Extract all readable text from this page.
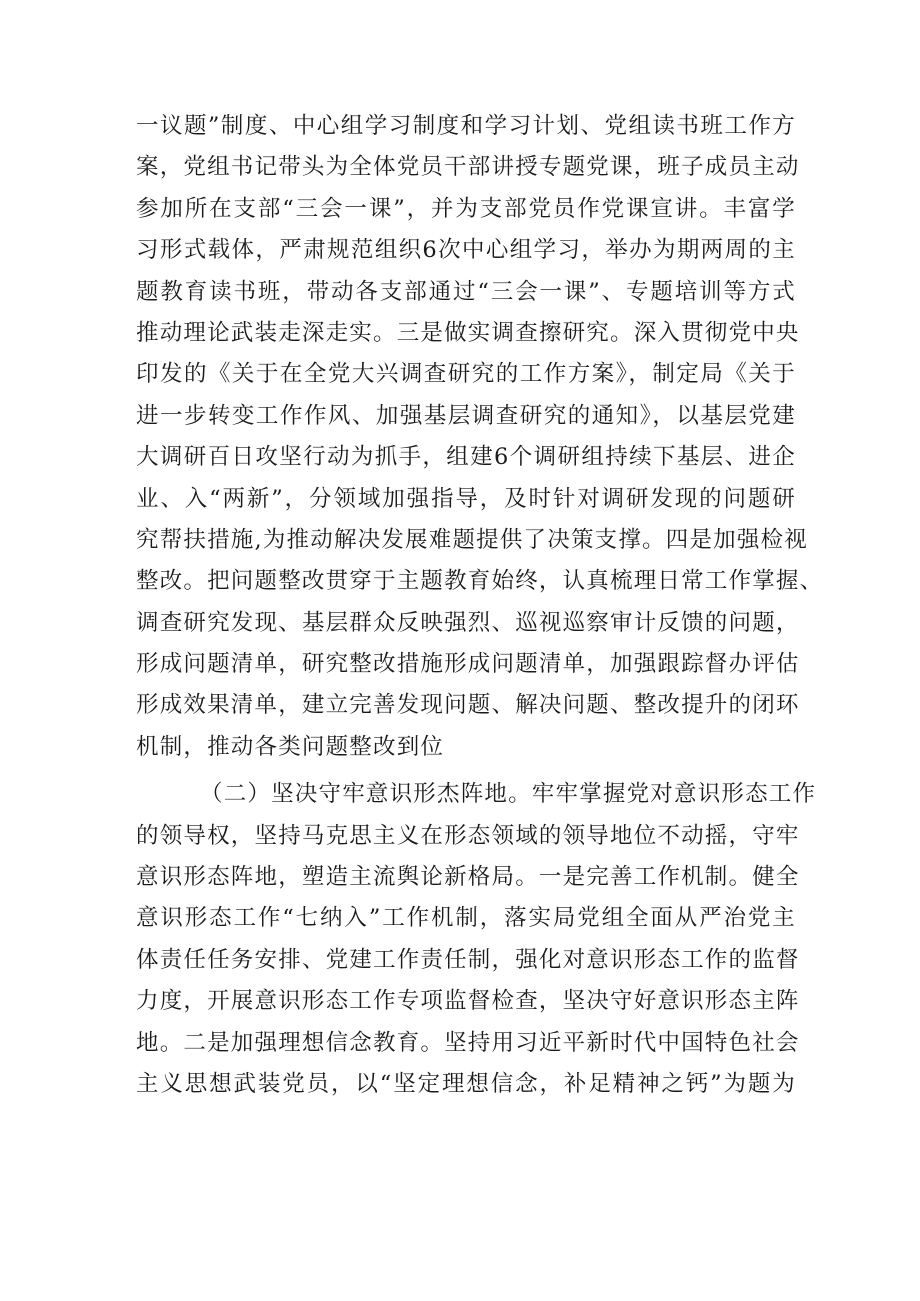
一议题”制度、中心组学习制度和学习计划、党组读书班工作方
案，党组书记带头为全体党员干部讲授专题党课，班子成员主动
参加所在支部“三会一课”，并为支部党员作党课宣讲。丰富学
习形式载体，严肃规范组织6次中心组学习，举办为期两周的主
题教育读书班，带动各支部通过“三会一课”、专题培训等方式
推动理论武装走深走实。三是做实调查擦研究。深入贯彻党中央
印发的《关于在全党大兴调查研究的工作方案》，制定局《关于
进一步转变工作作风、加强基层调查研究的通知》，以基层党建
大调研百日攻坚行动为抓手，组建6个调研组持续下基层、进企
业、入“两新”，分领域加强指导，及时针对调研发现的问题研
究帮扶措施,为推动解决发展难题提供了决策支撑。四是加强检视
整改。把问题整改贯穿于主题教育始终，认真梳理日常工作掌握、
调查研究发现、基层群众反映强烈、巡视巡察审计反馈的问题，
形成问题清单，研究整改措施形成问题清单，加强跟踪督办评估
形成效果清单，建立完善发现问题、解决问题、整改提升的闭环
机制，推动各类问题整改到位
（二）坚决守牢意识形杰阵地。牢牢掌握党对意识形态工作
的领导权，坚持马克思主义在形态领域的领导地位不动摇，守牢
意识形态阵地，塑造主流舆论新格局。一是完善工作机制。健全
意识形态工作“七纳入”工作机制，落实局党组全面从严治党主
体责任任务安排、党建工作责任制，强化对意识形态工作的监督
力度，开展意识形态工作专项监督检查，坚决守好意识形态主阵
地。二是加强理想信念教育。坚持用习近平新时代中国特色社会
主义思想武装党员，以“坚定理想信念，补足精神之钙”为题为
